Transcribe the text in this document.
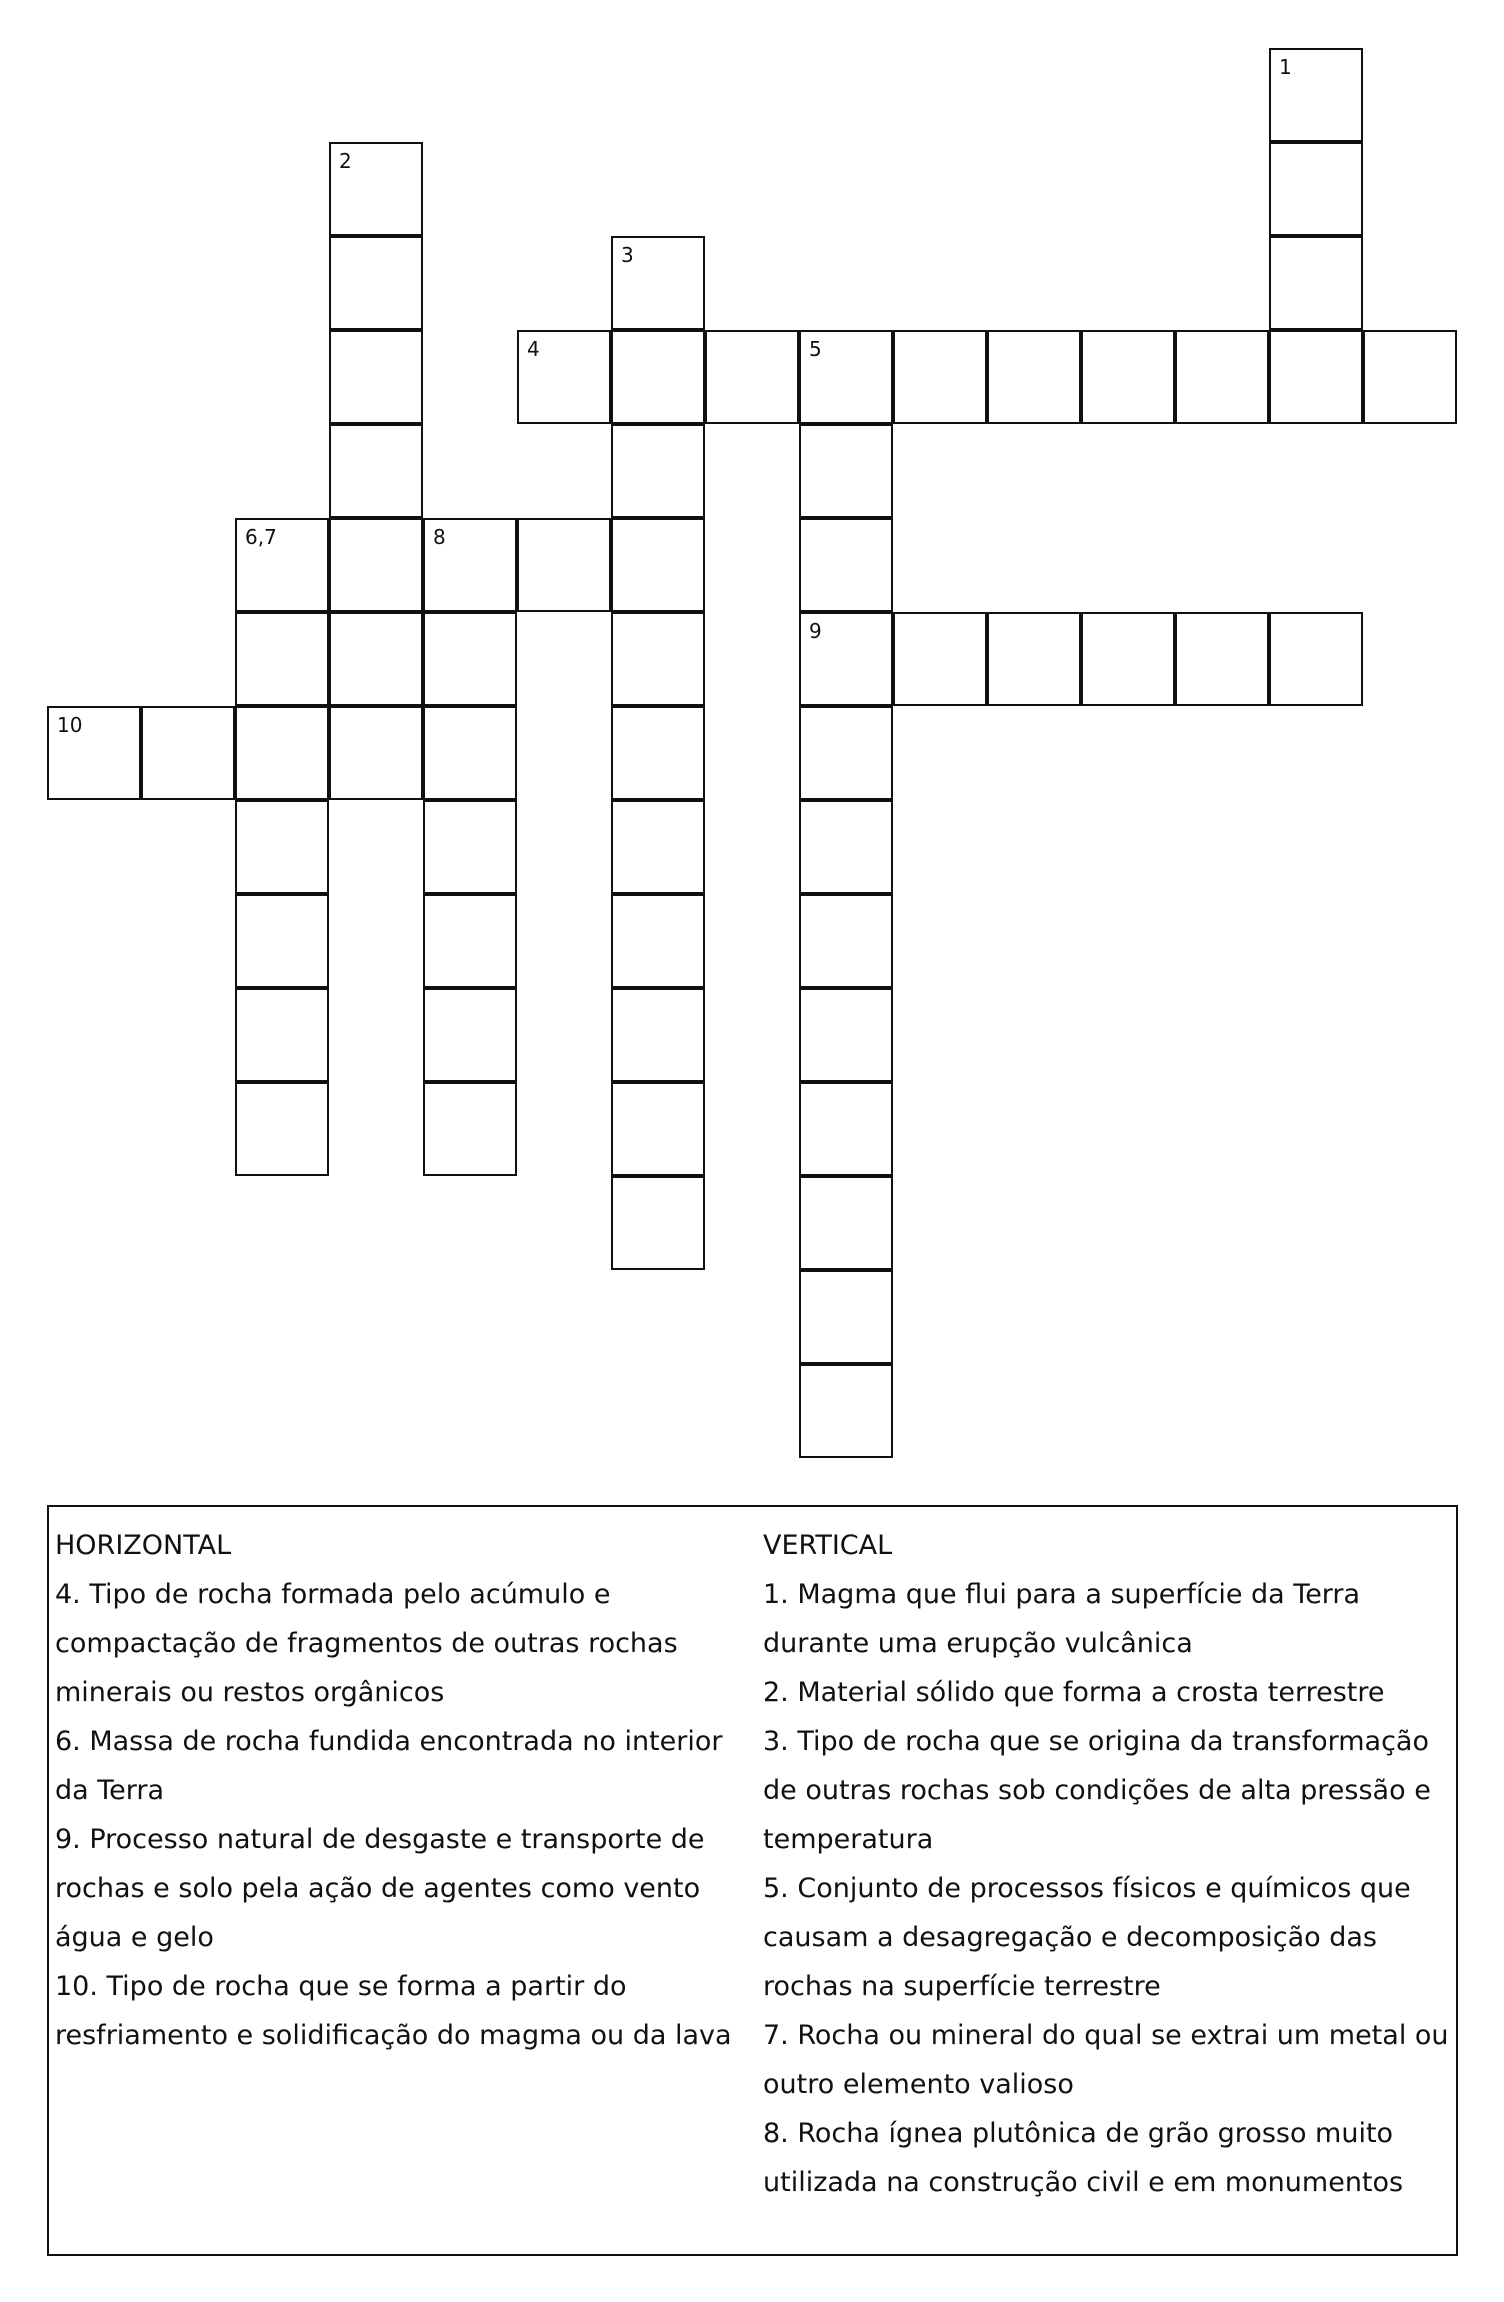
1
2
3
4	5
6,7	8
9
10
HORIZONTAL
4. Tipo de rocha formada pelo acúmulo e compactação de fragmentos de outras rochas minerais ou restos orgânicos
6. Massa de rocha fundida encontrada no interior da Terra
9. Processo natural de desgaste e transporte de rochas e solo pela ação de agentes como vento água e gelo
10. Tipo de rocha que se forma a partir do resfriamento e solidificação do magma ou da lava
VERTICAL
1. Magma que flui para a superfície da Terra durante uma erupção vulcânica
2. Material sólido que forma a crosta terrestre
3. Tipo de rocha que se origina da transformação de outras rochas sob condições de alta pressão e temperatura
5. Conjunto de processos físicos e químicos que causam a desagregação e decomposição das rochas na superfície terrestre
7. Rocha ou mineral do qual se extrai um metal ou outro elemento valioso
8. Rocha ígnea plutônica de grão grosso muito utilizada na construção civil e em monumentos
